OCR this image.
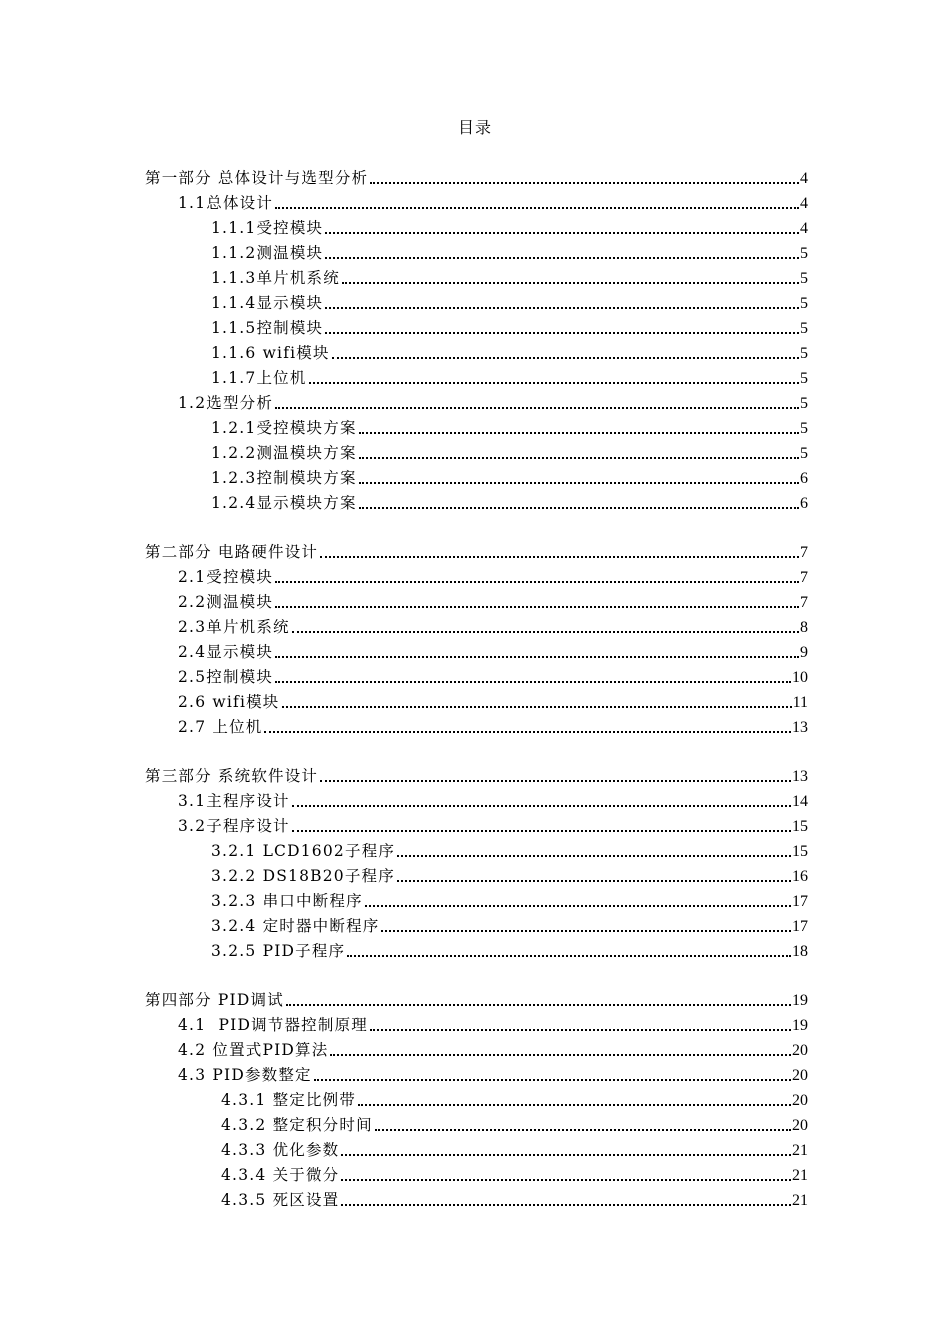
目录
第一部分 总体设计与选型分析	4
1.1总体设计	4
1.1.1受控模块	4
1.1.2测温模块	5
1.1.3单片机系统	5
1.1.4显示模块	5
1.1.5控制模块	5
1.1.6 wifi模块	5
1.1.7上位机	5
1.2选型分析	5
1.2.1受控模块方案	5
1.2.2测温模块方案	5
1.2.3控制模块方案	6
1.2.4显示模块方案	6
第二部分 电路硬件设计	7
2.1受控模块	7
2.2测温模块	7
2.3单片机系统	8
2.4显示模块	9
2.5控制模块	10
2.6 wifi模块	11
2.7 上位机	13
第三部分 系统软件设计	13
3.1主程序设计	14
3.2子程序设计	15
3.2.1 LCD1602子程序	15
3.2.2 DS18B20子程序	16
3.2.3 串口中断程序	17
3.2.4 定时器中断程序	17
3.2.5 PID子程序	18
第四部分 PID调试	19
4.1  PID调节器控制原理	19
4.2 位置式PID算法	20
4.3 PID参数整定	20
4.3.1 整定比例带	20
4.3.2 整定积分时间	20
4.3.3 优化参数	21
4.3.4 关于微分	21
4.3.5 死区设置	21
